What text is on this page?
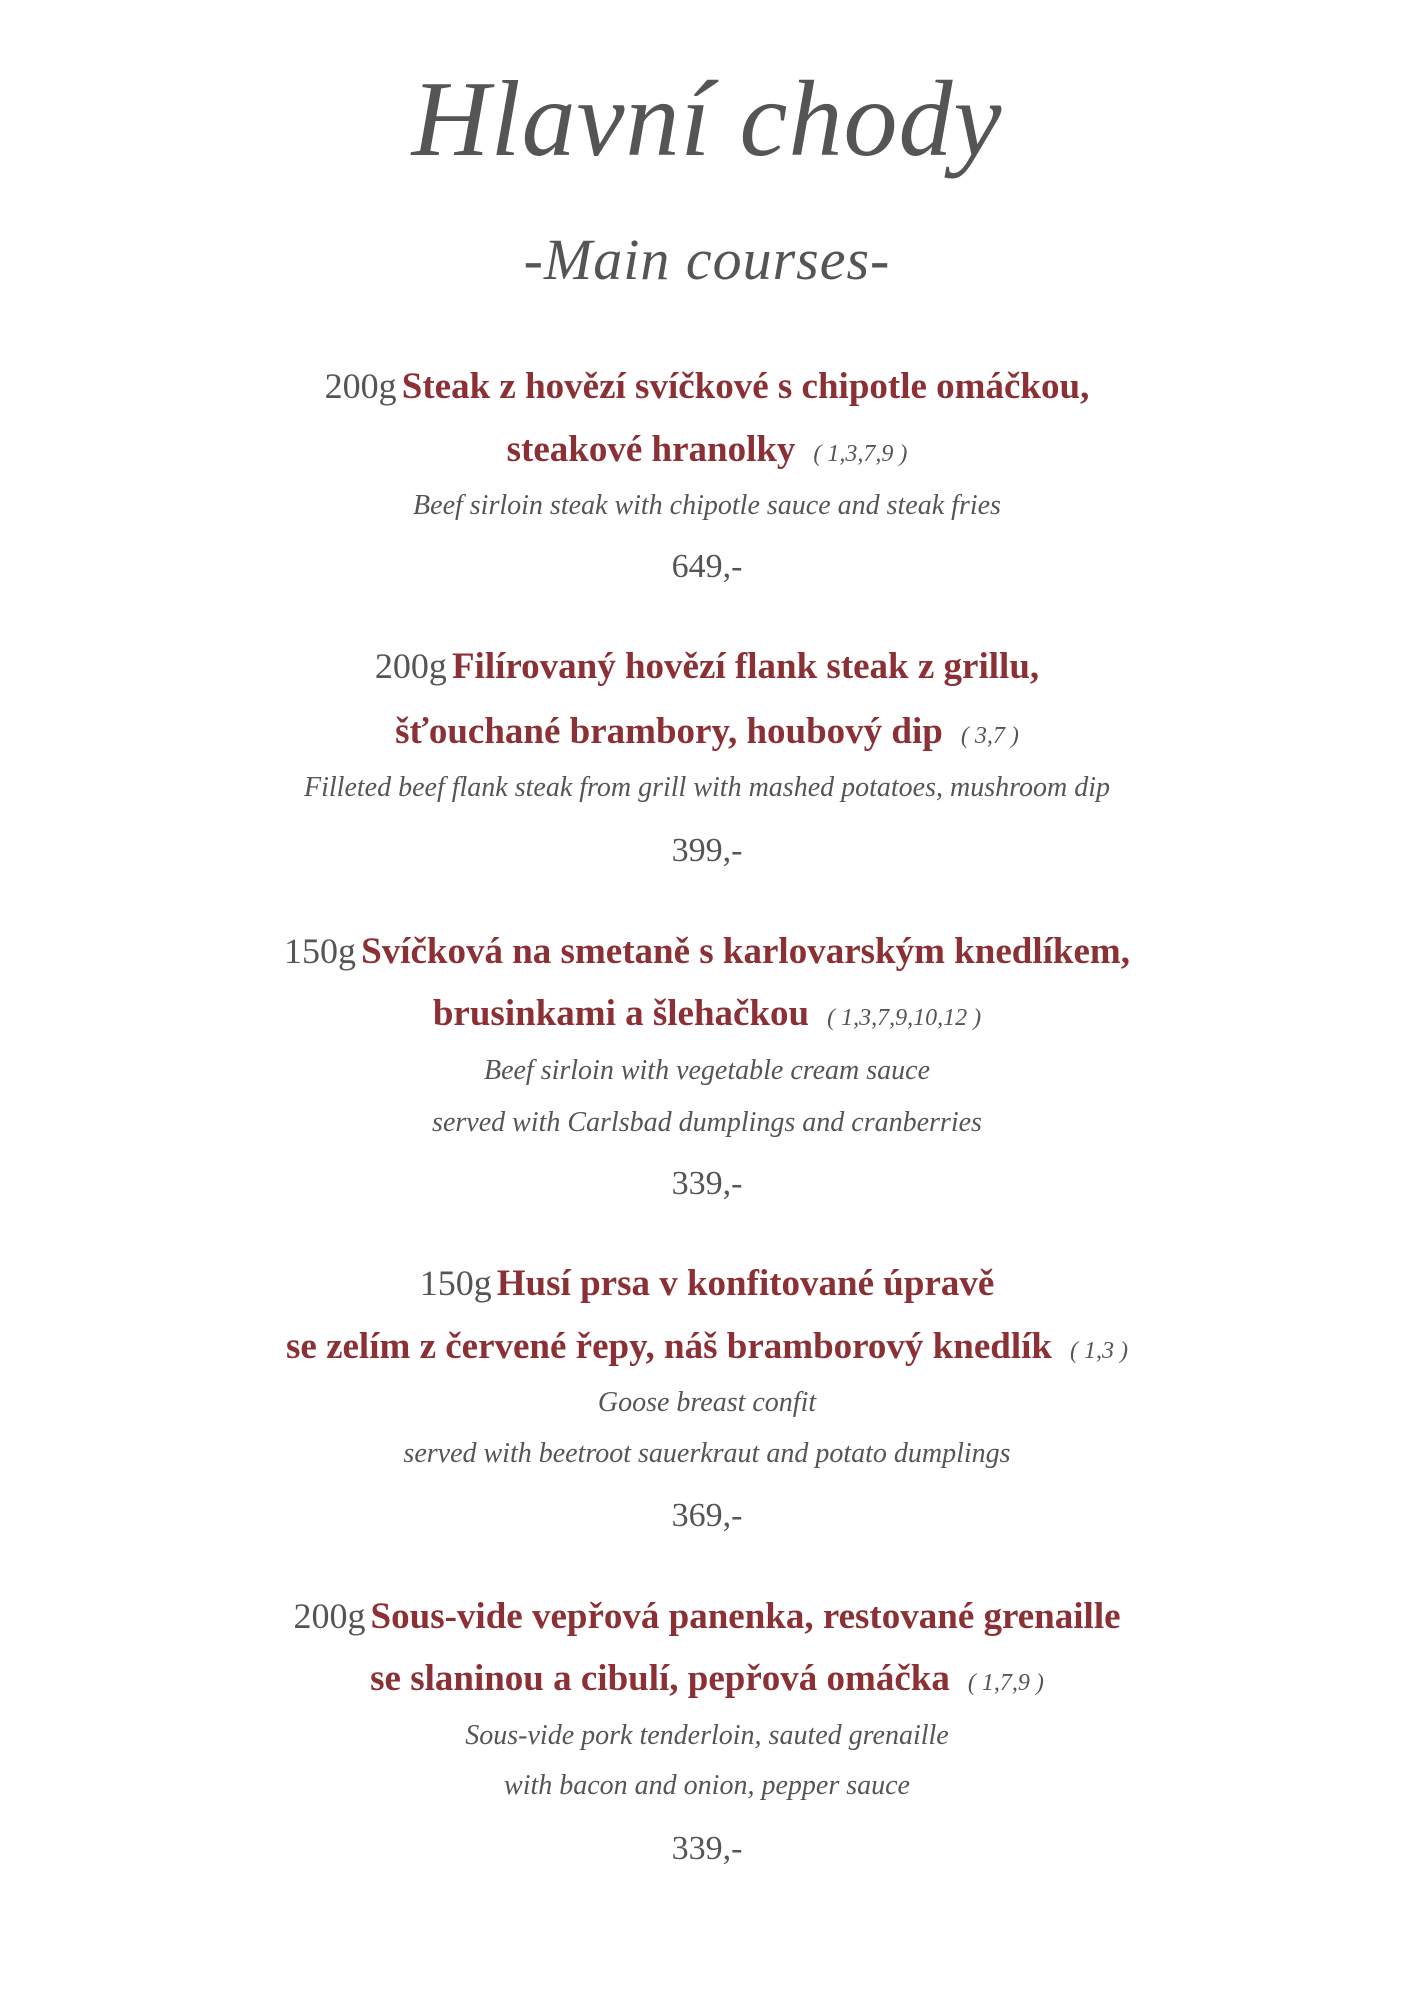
Hlavní chody
-Main courses-
200g Steak z hovězí svíčkové s chipotle omáčkou,
steakové hranolky ( 1,3,7,9 )
Beef sirloin steak with chipotle sauce and steak fries
649,-
200g Filírovaný hovězí flank steak z grillu,
šťouchané brambory, houbový dip ( 3,7 )
Filleted beef flank steak from grill with mashed potatoes, mushroom dip
399,-
150g Svíčková na smetaně s karlovarským knedlíkem,
brusinkami a šlehačkou ( 1,3,7,9,10,12 )
Beef sirloin with vegetable cream sauce
served with Carlsbad dumplings and cranberries
339,-
150g Husí prsa v konfitované úpravě
se zelím z červené řepy, náš bramborový knedlík ( 1,3 )
Goose breast confit
served with beetroot sauerkraut and potato dumplings
369,-
200g Sous-vide vepřová panenka, restované grenaille
se slaninou a cibulí, pepřová omáčka ( 1,7,9 )
Sous-vide pork tenderloin, sauted grenaille
with bacon and onion, pepper sauce
339,-
